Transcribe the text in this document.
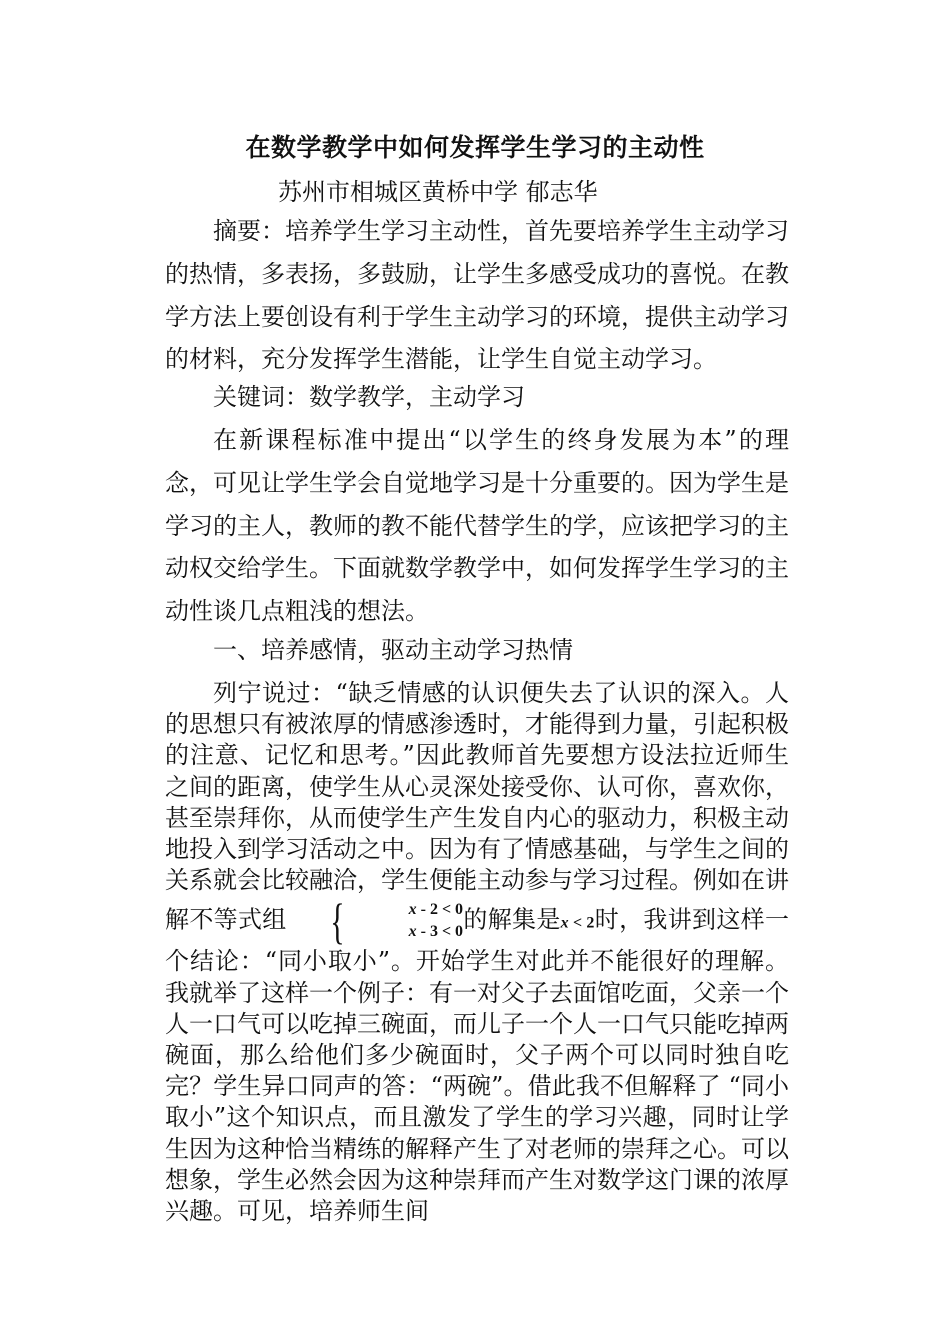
在数学教学中如何发挥学生学习的主动性
苏州市相城区黄桥中学 郁志华
摘要：培养学生学习主动性，首先要培养学生主动学习的热情，多表扬，多鼓励，让学生多感受成功的喜悦。在教学方法上要创设有利于学生主动学习的环境，提供主动学习的材料，充分发挥学生潜能，让学生自觉主动学习。
关键词：数学教学，主动学习
在新课程标准中提出“以学生的终身发展为本”的理念，可见让学生学会自觉地学习是十分重要的。因为学生是学习的主人，教师的教不能代替学生的学，应该把学习的主动权交给学生。下面就数学教学中，如何发挥学生学习的主动性谈几点粗浅的想法。
一、培养感情，驱动主动学习热情
列宁说过：“缺乏情感的认识便失去了认识的深入。人的思想只有被浓厚的情感渗透时，才能得到力量，引起积极的注意、记忆和思考。”因此教师首先要想方设法拉近师生之间的距离，使学生从心灵深处接受你、认可你，喜欢你，甚至崇拜你，从而使学生产生发自内心的驱动力，积极主动地投入到学习活动之中。因为有了情感基础，与学生之间的关系就会比较融洽，学生便能主动参与学习过程。例如在讲解不等式组 {	x - 2 < 0
x - 3 < 0 的解集是x < 2时，我讲到这样一个结论：“同小取小”。开始学生对此并不能很好的理解。我就举了这样一个例子：有一对父子去面馆吃面，父亲一个人一口气可以吃掉三碗面，而儿子一个人一口气只能吃掉两碗面，那么给他们多少碗面时，父子两个可以同时独自吃完？学生异口同声的答：“两碗”。借此我不但解释了 “同小取小”这个知识点，而且激发了学生的学习兴趣，同时让学生因为这种恰当精练的解释产生了对老师的崇拜之心。可以想象，学生必然会因为这种崇拜而产生对数学这门课的浓厚兴趣。可见，培养师生间
